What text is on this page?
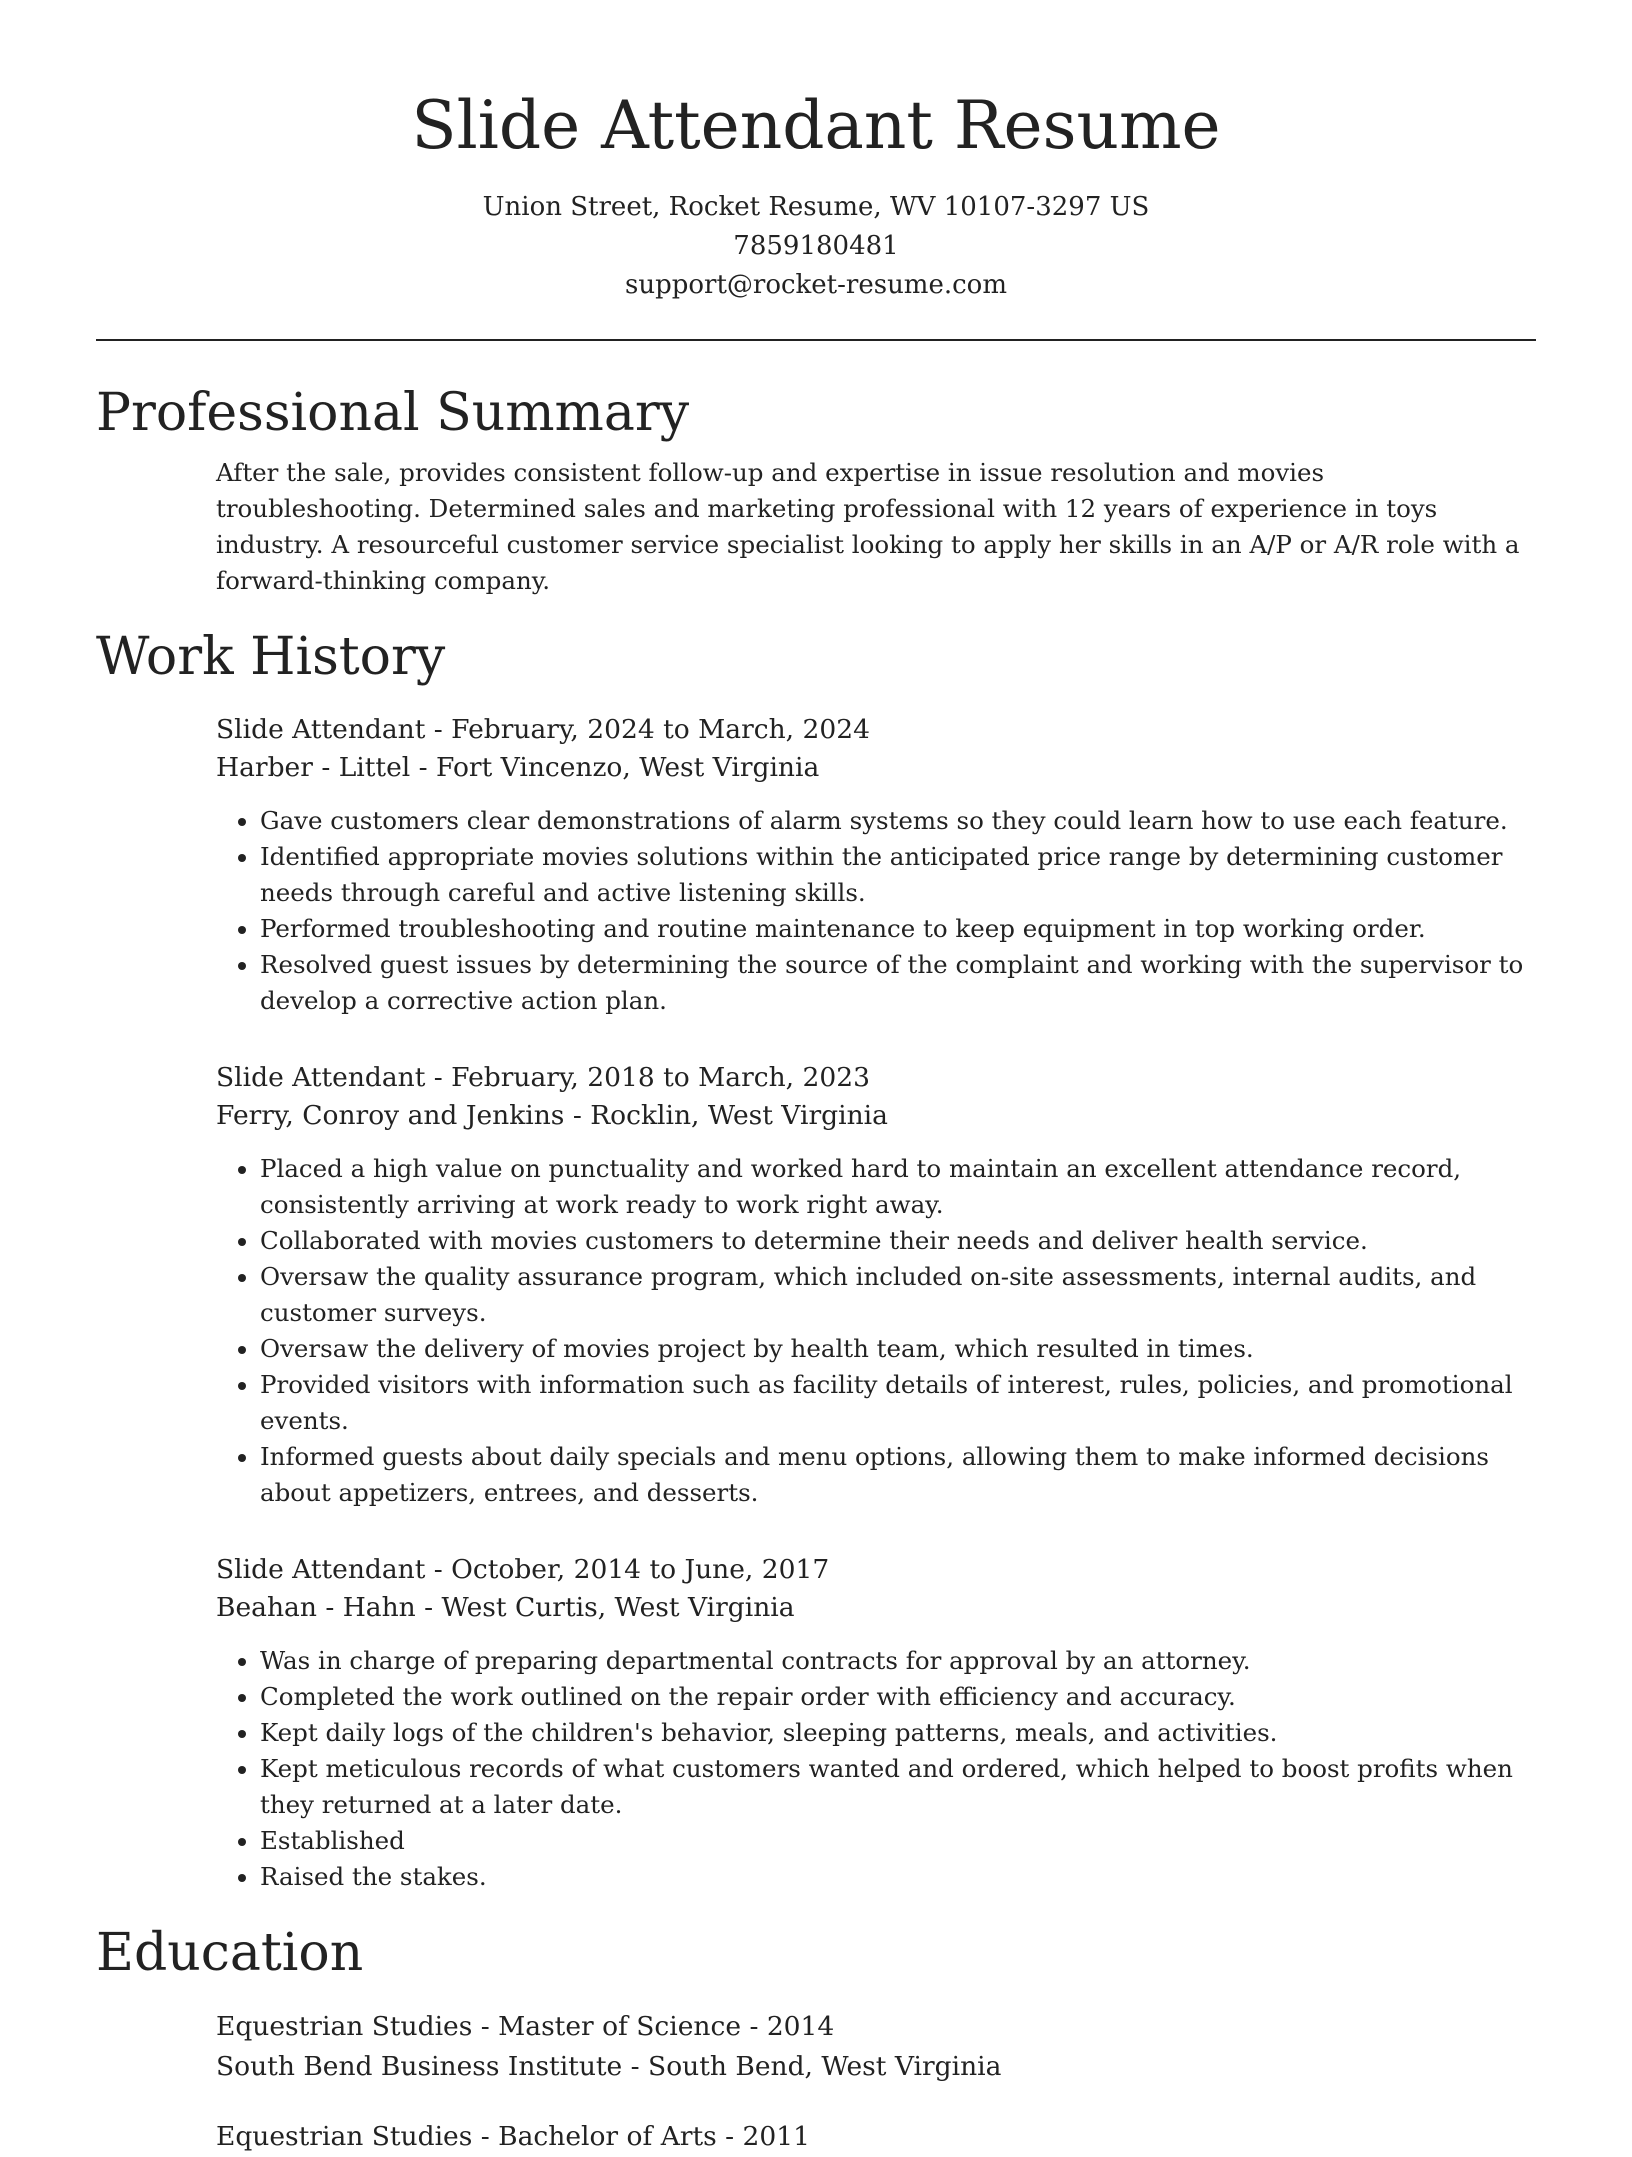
Slide Attendant Resume
Union Street, Rocket Resume, WV 10107-3297 US
7859180481
support@rocket-resume.com
Professional Summary

After the sale, provides consistent follow-up and expertise in issue resolution and movies troubleshooting. Determined sales and marketing professional with 12 years of experience in toys industry. A resourceful customer service specialist looking to apply her skills in an A/P or A/R role with a forward-thinking company.

Work History
Slide Attendant - February, 2024 to March, 2024
Harber - Littel - Fort Vincenzo, West Virginia
• Gave customers clear demonstrations of alarm systems so they could learn how to use each feature.
• Identified appropriate movies solutions within the anticipated price range by determining customer needs through careful and active listening skills.
• Performed troubleshooting and routine maintenance to keep equipment in top working order.
• Resolved guest issues by determining the source of the complaint and working with the supervisor to develop a corrective action plan.
Slide Attendant - February, 2018 to March, 2023
Ferry, Conroy and Jenkins - Rocklin, West Virginia
• Placed a high value on punctuality and worked hard to maintain an excellent attendance record, consistently arriving at work ready to work right away.
• Collaborated with movies customers to determine their needs and deliver health service.
• Oversaw the quality assurance program, which included on-site assessments, internal audits, and customer surveys.
• Oversaw the delivery of movies project by health team, which resulted in times.
• Provided visitors with information such as facility details of interest, rules, policies, and promotional events.
• Informed guests about daily specials and menu options, allowing them to make informed decisions about appetizers, entrees, and desserts.
Slide Attendant - October, 2014 to June, 2017
Beahan - Hahn - West Curtis, West Virginia
• Was in charge of preparing departmental contracts for approval by an attorney.
• Completed the work outlined on the repair order with efficiency and accuracy.
• Kept daily logs of the children's behavior, sleeping patterns, meals, and activities.
• Kept meticulous records of what customers wanted and ordered, which helped to boost profits when they returned at a later date.
• Established
• Raised the stakes.
Education
Equestrian Studies - Master of Science - 2014
South Bend Business Institute - South Bend, West Virginia
Equestrian Studies - Bachelor of Arts - 2011
